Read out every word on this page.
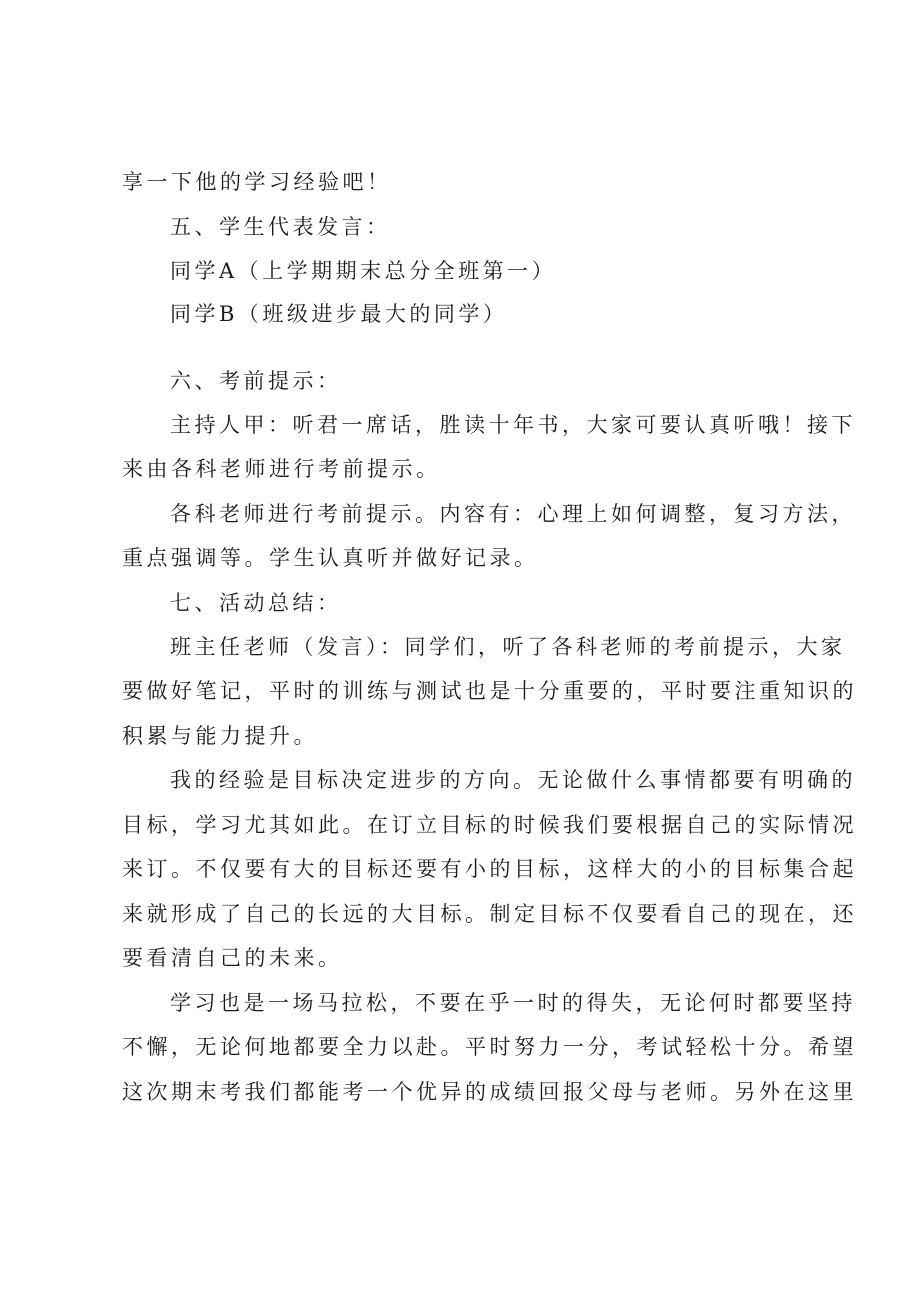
享一下他的学习经验吧！
五、学生代表发言：
同学A（上学期期末总分全班第一）
同学B（班级进步最大的同学）
六、考前提示：
主持人甲：听君一席话，胜读十年书，大家可要认真听哦！接下
来由各科老师进行考前提示。
各科老师进行考前提示。内容有：心理上如何调整，复习方法，
重点强调等。学生认真听并做好记录。
七、活动总结：
班主任老师（发言）：同学们，听了各科老师的考前提示，大家
要做好笔记，平时的训练与测试也是十分重要的，平时要注重知识的
积累与能力提升。
我的经验是目标决定进步的方向。无论做什么事情都要有明确的
目标，学习尤其如此。在订立目标的时候我们要根据自己的实际情况
来订。不仅要有大的目标还要有小的目标，这样大的小的目标集合起
来就形成了自己的长远的大目标。制定目标不仅要看自己的现在，还
要看清自己的未来。
学习也是一场马拉松，不要在乎一时的得失，无论何时都要坚持
不懈，无论何地都要全力以赴。平时努力一分，考试轻松十分。希望
这次期末考我们都能考一个优异的成绩回报父母与老师。另外在这里
